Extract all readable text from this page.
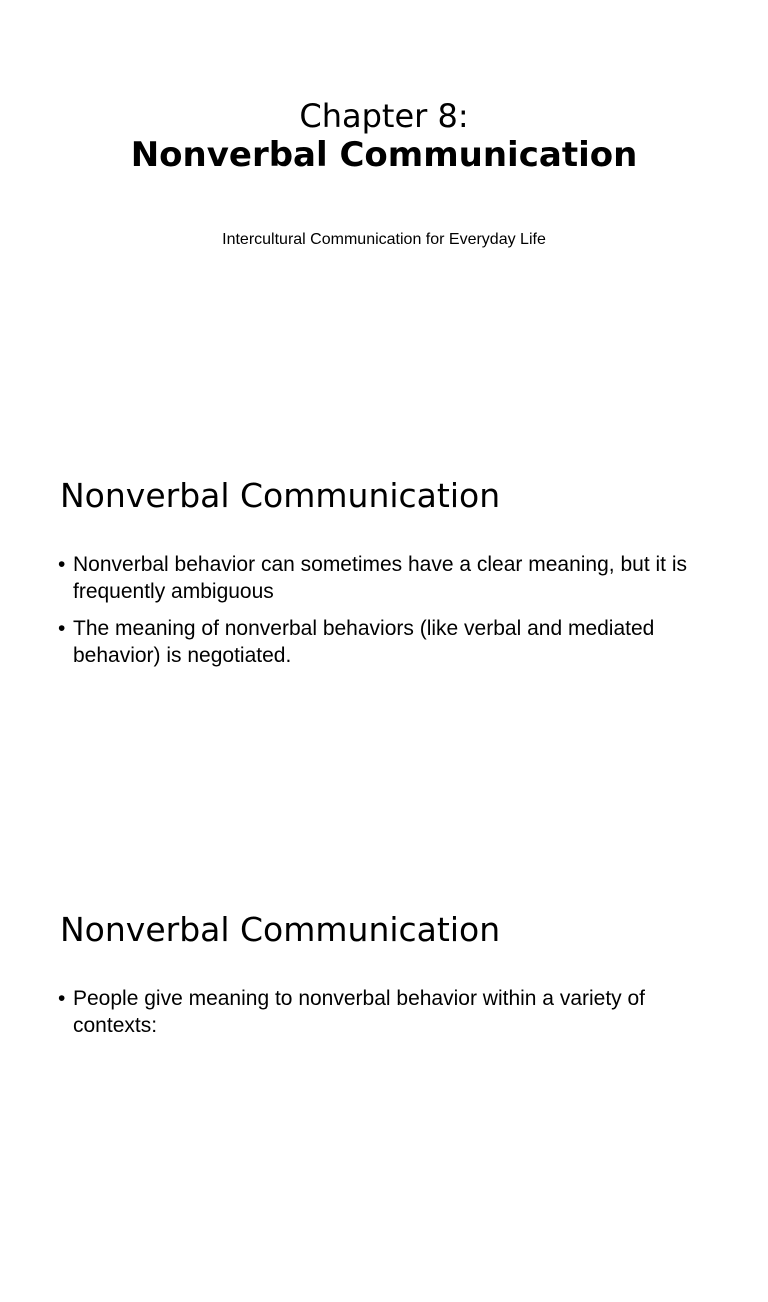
Chapter 8:
Nonverbal Communication
Intercultural Communication for Everyday Life
Nonverbal Communication
• Nonverbal behavior can sometimes have a clear meaning, but it is frequently ambiguous
• The meaning of nonverbal behaviors (like verbal and mediated behavior) is negotiated.
Nonverbal Communication
• People give meaning to nonverbal behavior within a variety of contexts:
